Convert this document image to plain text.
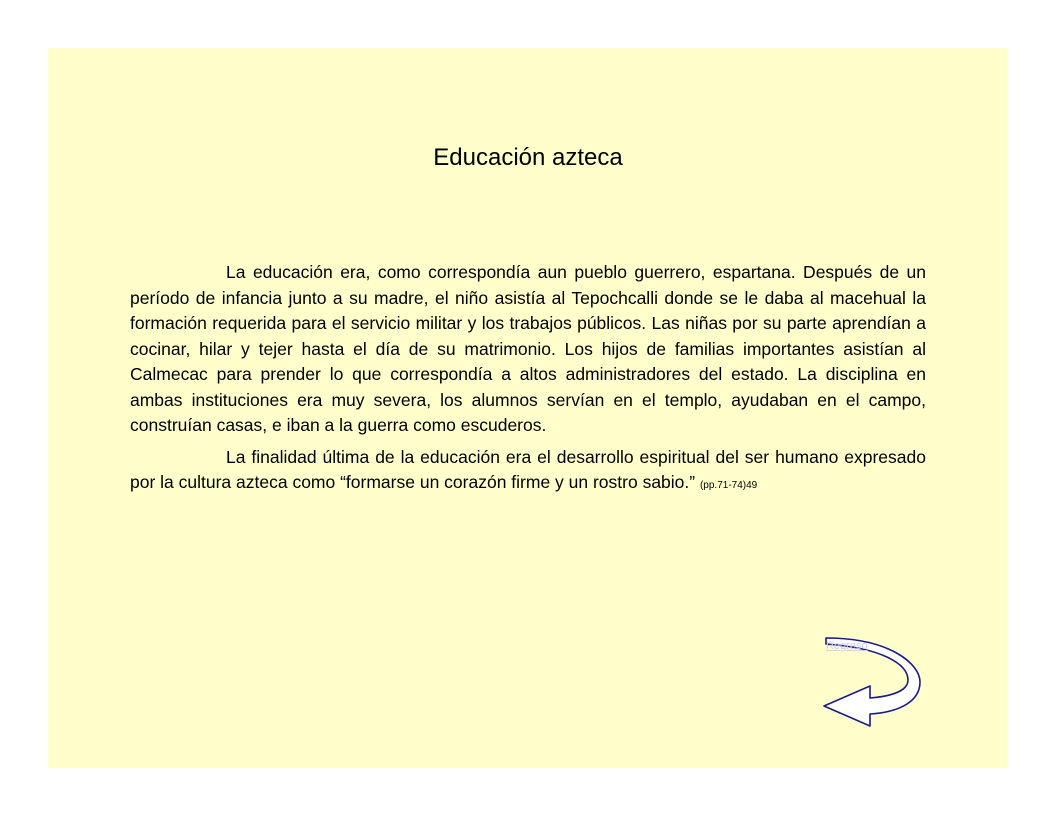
Educación azteca

La educación era, como correspondía aun pueblo guerrero, espartana. Después de un período de infancia junto a su madre, el niño asistía al Tepochcalli donde se le daba al macehual la formación requerida para el servicio militar y los trabajos públicos. Las niñas por su parte aprendían a cocinar, hilar y tejer hasta el día de su matrimonio. Los hijos de familias importantes asistían al Calmecac para prender lo que correspondía a altos administradores del estado. La disciplina en ambas instituciones era muy severa, los alumnos servían en el templo, ayudaban en el campo, construían casas, e iban a la guerra como escuderos.

La finalidad última de la educación era el desarrollo espiritual del ser humano expresado por la cultura azteca como “formarse un corazón firme y un rostro sabio.” (pp.71-74)49

Regreso
